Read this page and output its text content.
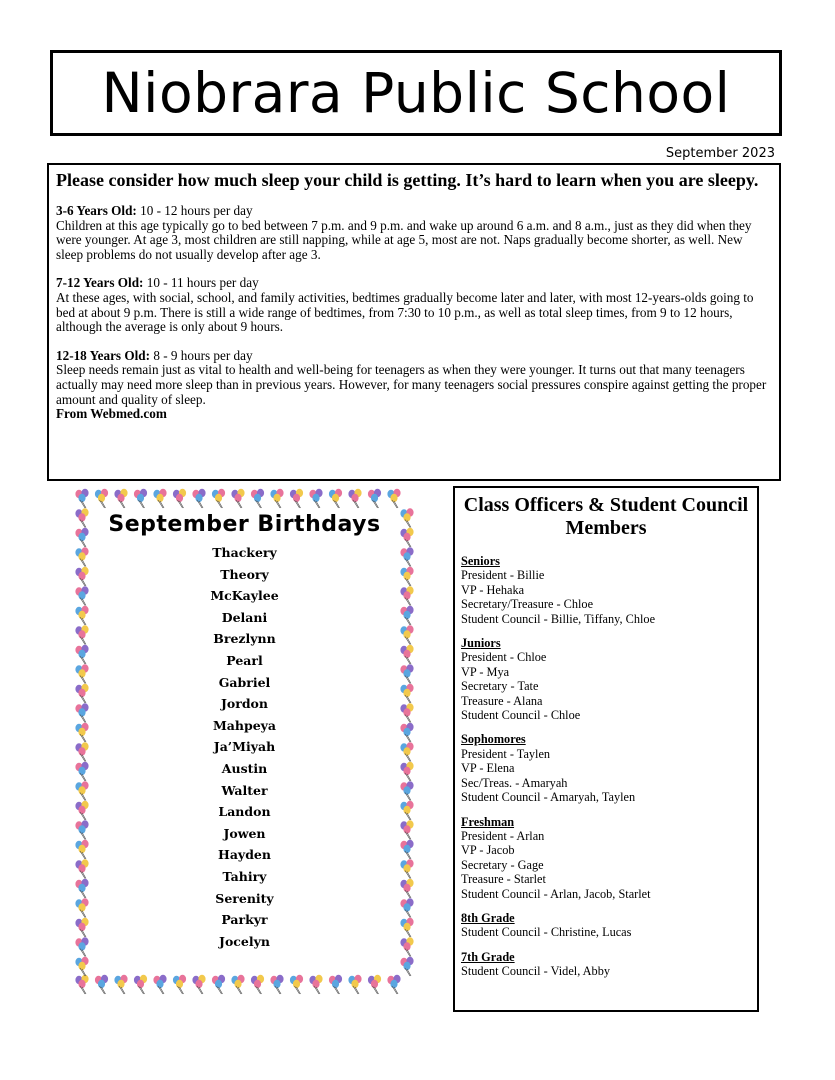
Niobrara Public School
September 2023

Please consider how much sleep your child is getting. It’s hard to learn when you are sleepy.

3-6 Years Old: 10 - 12 hours per day
Children at this age typically go to bed between 7 p.m. and 9 p.m. and wake up around 6 a.m. and 8 a.m., just as they did when they were younger. At age 3, most children are still napping, while at age 5, most are not. Naps gradually become shorter, as well. New sleep problems do not usually develop after age 3.
7-12 Years Old: 10 - 11 hours per day
At these ages, with social, school, and family activities, bedtimes gradually become later and later, with most 12-years-olds going to bed at about 9 p.m. There is still a wide range of bedtimes, from 7:30 to 10 p.m., as well as total sleep times, from 9 to 12 hours, although the average is only about 9 hours.
12-18 Years Old: 8 - 9 hours per day
Sleep needs remain just as vital to health and well-being for teenagers as when they were younger. It turns out that many teenagers actually may need more sleep than in previous years. However, for many teenagers social pressures conspire against getting the proper amount and quality of sleep.
From Webmed.com
September Birthdays
Thackery
Theory
McKaylee
Delani
Brezlynn
Pearl
Gabriel
Jordon
Mahpeya
Ja’Miyah
Austin
Walter
Landon
Jowen
Hayden
Tahiry
Serenity
Parkyr
Jocelyn
Class Officers & Student Council Members
Seniors
President - Billie
VP - Hehaka
Secretary/Treasure - Chloe
Student Council - Billie, Tiffany, Chloe
Juniors
President - Chloe
VP - Mya
Secretary - Tate
Treasure - Alana
Student Council - Chloe
Sophomores
President - Taylen
VP - Elena
Sec/Treas. - Amaryah
Student Council - Amaryah, Taylen
Freshman
President - Arlan
VP - Jacob
Secretary - Gage
Treasure - Starlet
Student Council - Arlan, Jacob, Starlet
8th Grade
Student Council - Christine, Lucas
7th Grade
Student Council - Videl, Abby
